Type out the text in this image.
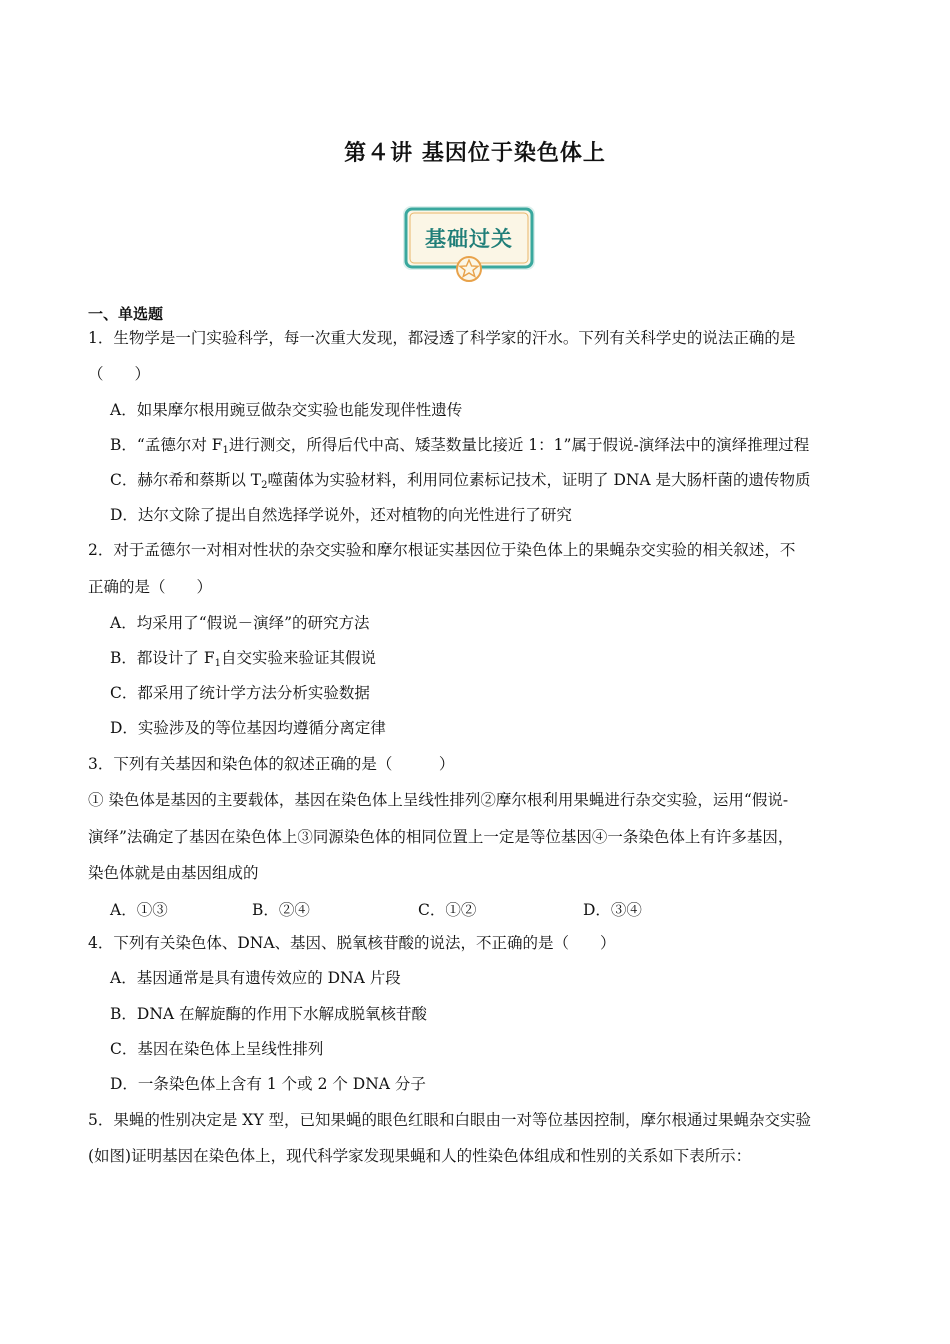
第４讲 基因位于染色体上
基础过关
一、单选题
1．生物学是一门实验科学，每一次重大发现，都浸透了科学家的汗水。下列有关科学史的说法正确的是
（　　）
A．如果摩尔根用豌豆做杂交实验也能发现伴性遗传
B．“孟德尔对 $F_1$进行测交，所得后代中高、矮茎数量比接近 1：1”属于假说-演绎法中的演绎推理过程
C．赫尔希和蔡斯以 $T_2$噬菌体为实验材料，利用同位素标记技术，证明了 DNA 是大肠杆菌的遗传物质
D．达尔文除了提出自然选择学说外，还对植物的向光性进行了研究
2．对于孟德尔一对相对性状的杂交实验和摩尔根证实基因位于染色体上的果蝇杂交实验的相关叙述，不
正确的是（　　）
A．均采用了“假说－演绎”的研究方法
B．都设计了 $F_1$自交实验来验证其假说
C．都采用了统计学方法分析实验数据
D．实验涉及的等位基因均遵循分离定律
3．下列有关基因和染色体的叙述正确的是（　　　）
① 染色体是基因的主要载体，基因在染色体上呈线性排列②摩尔根利用果蝇进行杂交实验，运用“假说-
演绎”法确定了基因在染色体上③同源染色体的相同位置上一定是等位基因④一条染色体上有许多基因，
染色体就是由基因组成的
A．①③	B．②④	C．①②	D．③④
4．下列有关染色体、DNA、基因、脱氧核苷酸的说法，不正确的是（　　）
A．基因通常是具有遗传效应的 DNA 片段
B．DNA 在解旋酶的作用下水解成脱氧核苷酸
C．基因在染色体上呈线性排列
D．一条染色体上含有 1 个或 2 个 DNA 分子
5．果蝇的性别决定是 XY 型，已知果蝇的眼色红眼和白眼由一对等位基因控制，摩尔根通过果蝇杂交实验
(如图)证明基因在染色体上，现代科学家发现果蝇和人的性染色体组成和性别的关系如下表所示：
